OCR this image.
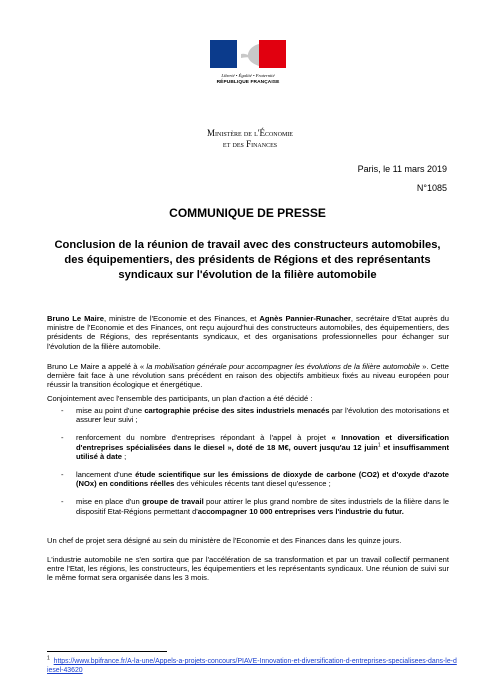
Liberté • Égalité • Fraternité
RÉPUBLIQUE FRANÇAISE
Ministère de l'Économie
et des Finances
Paris, le 11 mars 2019
N°1085
COMMUNIQUE DE PRESSE
Conclusion de la réunion de travail avec des constructeurs automobiles, des équipementiers, des présidents de Régions et des représentants syndicaux sur l'évolution de la filière automobile
Bruno Le Maire, ministre de l'Economie et des Finances, et Agnès Pannier-Runacher, secrétaire d'Etat auprès du ministre de l'Economie et des Finances, ont reçu aujourd'hui des constructeurs automobiles, des équipementiers, des présidents de Régions, des représentants syndicaux, et des organisations professionnelles pour échanger sur l'évolution de la filière automobile.
Bruno Le Maire a appelé à « la mobilisation générale pour accompagner les évolutions de la filière automobile ». Cette dernière fait face à une révolution sans précédent en raison des objectifs ambitieux fixés au niveau européen pour réussir la transition écologique et énergétique.
Conjointement avec l'ensemble des participants, un plan d'action a été décidé :
- mise au point d'une cartographie précise des sites industriels menacés par l'évolution des motorisations et assurer leur suivi ;
- renforcement du nombre d'entreprises répondant à l'appel à projet « Innovation et diversification d'entreprises spécialisées dans le diesel », doté de 18 M€, ouvert jusqu'au 12 juin$^1$ et insuffisamment utilisé à date ;
- lancement d'une étude scientifique sur les émissions de dioxyde de carbone (CO2) et d'oxyde d'azote (NOx) en conditions réelles des véhicules récents tant diesel qu'essence ;
- mise en place d'un groupe de travail pour attirer le plus grand nombre de sites industriels de la filière dans le dispositif Etat-Régions permettant d'accompagner 10 000 entreprises vers l'industrie du futur.
Un chef de projet sera désigné au sein du ministère de l'Economie et des Finances dans les quinze jours.
L'industrie automobile ne s'en sortira que par l'accélération de sa transformation et par un travail collectif permanent entre l'Etat, les régions, les constructeurs, les équipementiers et les représentants syndicaux. Une réunion de suivi sur le même format sera organisée dans les 3 mois.
$^1$ https://www.bpifrance.fr/A-la-une/Appels-a-projets-concours/PIAVE-Innovation-et-diversification-d-entreprises-specialisees-dans-le-diesel-43620
